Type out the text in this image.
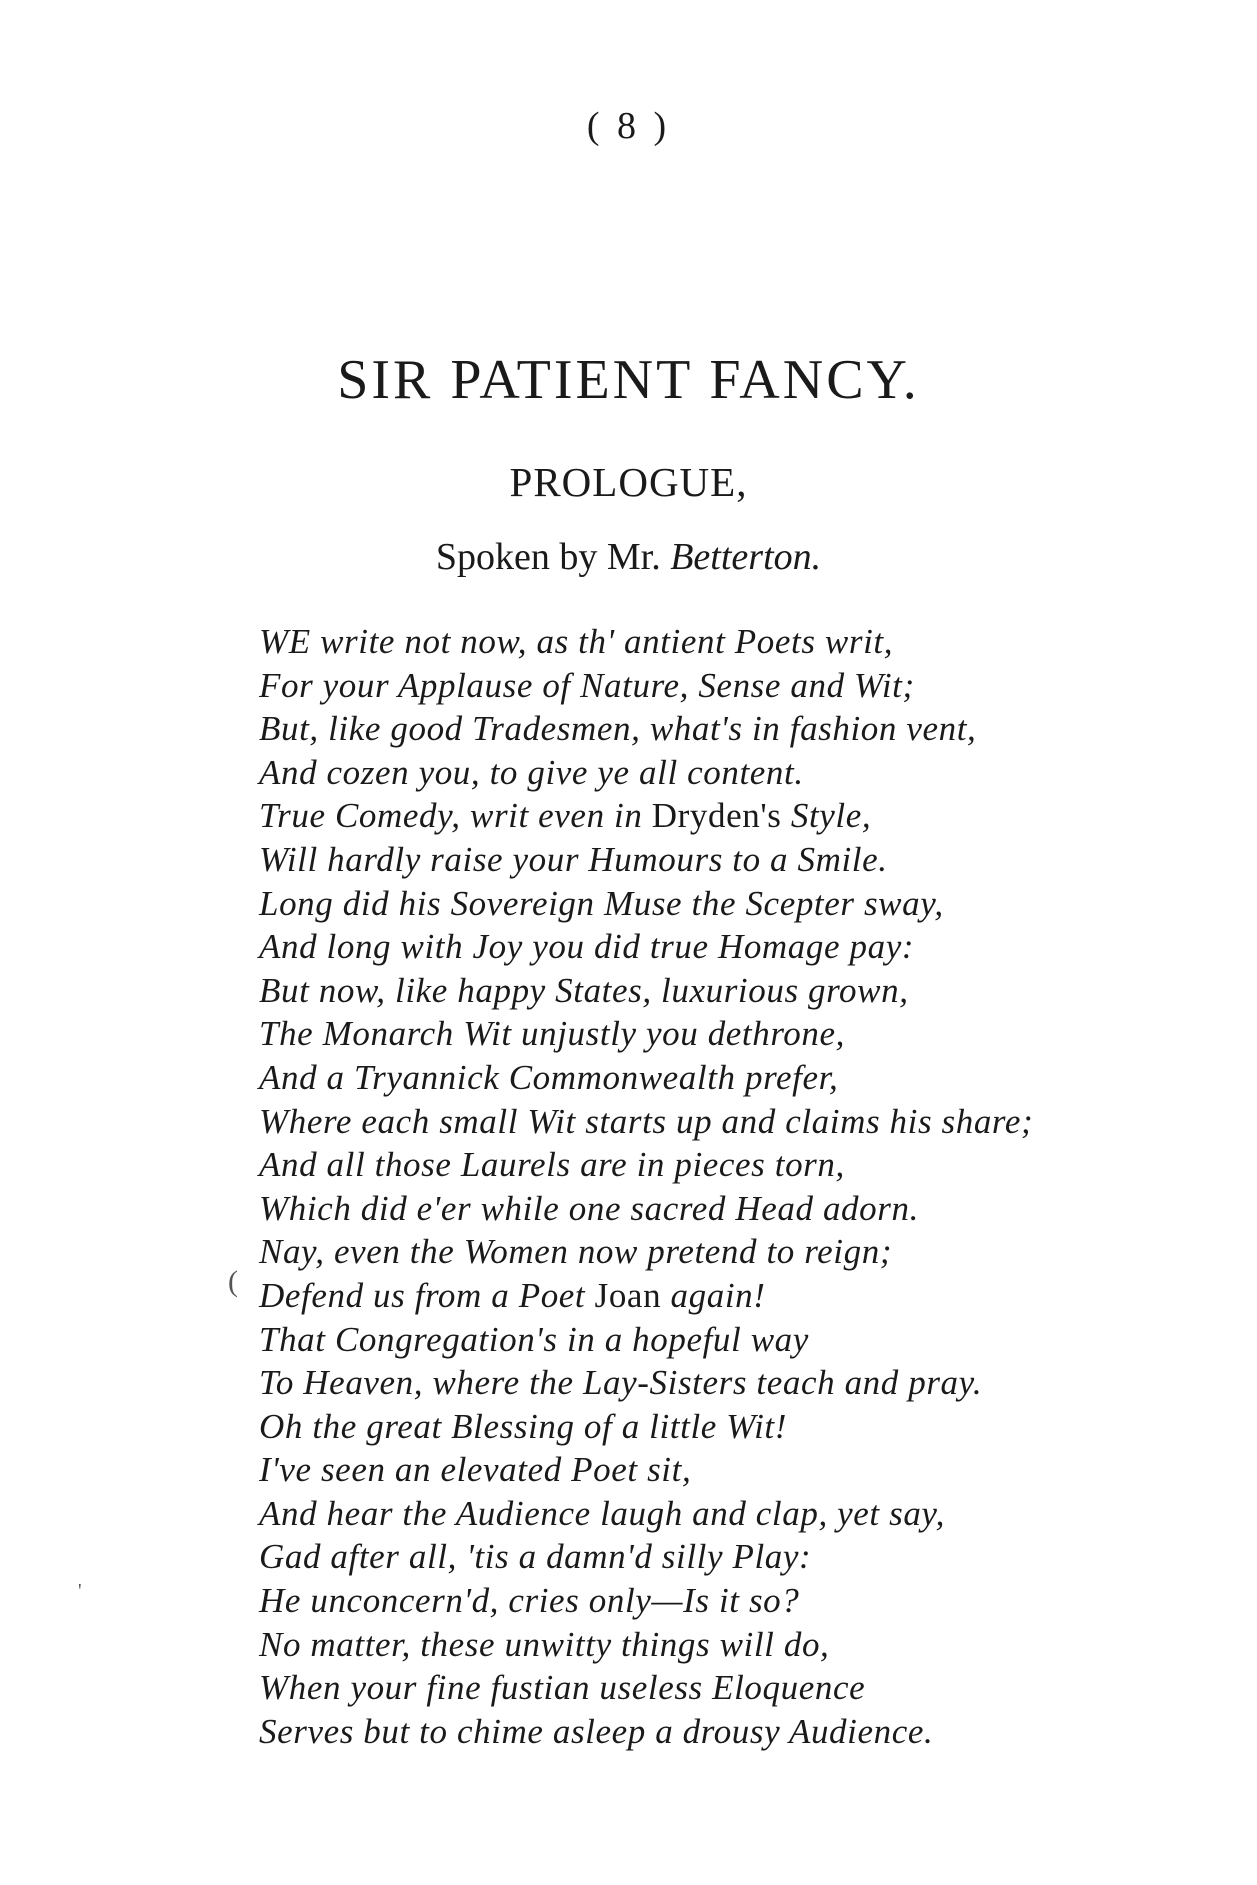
( 8 )
SIR PATIENT FANCY.
PROLOGUE,
Spoken by Mr. Betterton.
(
'
WE write not now, as th' antient Poets writ,
For your Applause of Nature, Sense and Wit;
But, like good Tradesmen, what's in fashion vent,
And cozen you, to give ye all content.
True Comedy, writ even in Dryden's Style,
Will hardly raise your Humours to a Smile.
Long did his Sovereign Muse the Scepter sway,
And long with Joy you did true Homage pay:
But now, like happy States, luxurious grown,
The Monarch Wit unjustly you dethrone,
And a Tryannick Commonwealth prefer,
Where each small Wit starts up and claims his share;
And all those Laurels are in pieces torn,
Which did e'er while one sacred Head adorn.
Nay, even the Women now pretend to reign;
Defend us from a Poet Joan again!
That Congregation's in a hopeful way
To Heaven, where the Lay-Sisters teach and pray.
Oh the great Blessing of a little Wit!
I've seen an elevated Poet sit,
And hear the Audience laugh and clap, yet say,
Gad after all, 'tis a damn'd silly Play:
He unconcern'd, cries only—Is it so?
No matter, these unwitty things will do,
When your fine fustian useless Eloquence
Serves but to chime asleep a drousy Audience.
